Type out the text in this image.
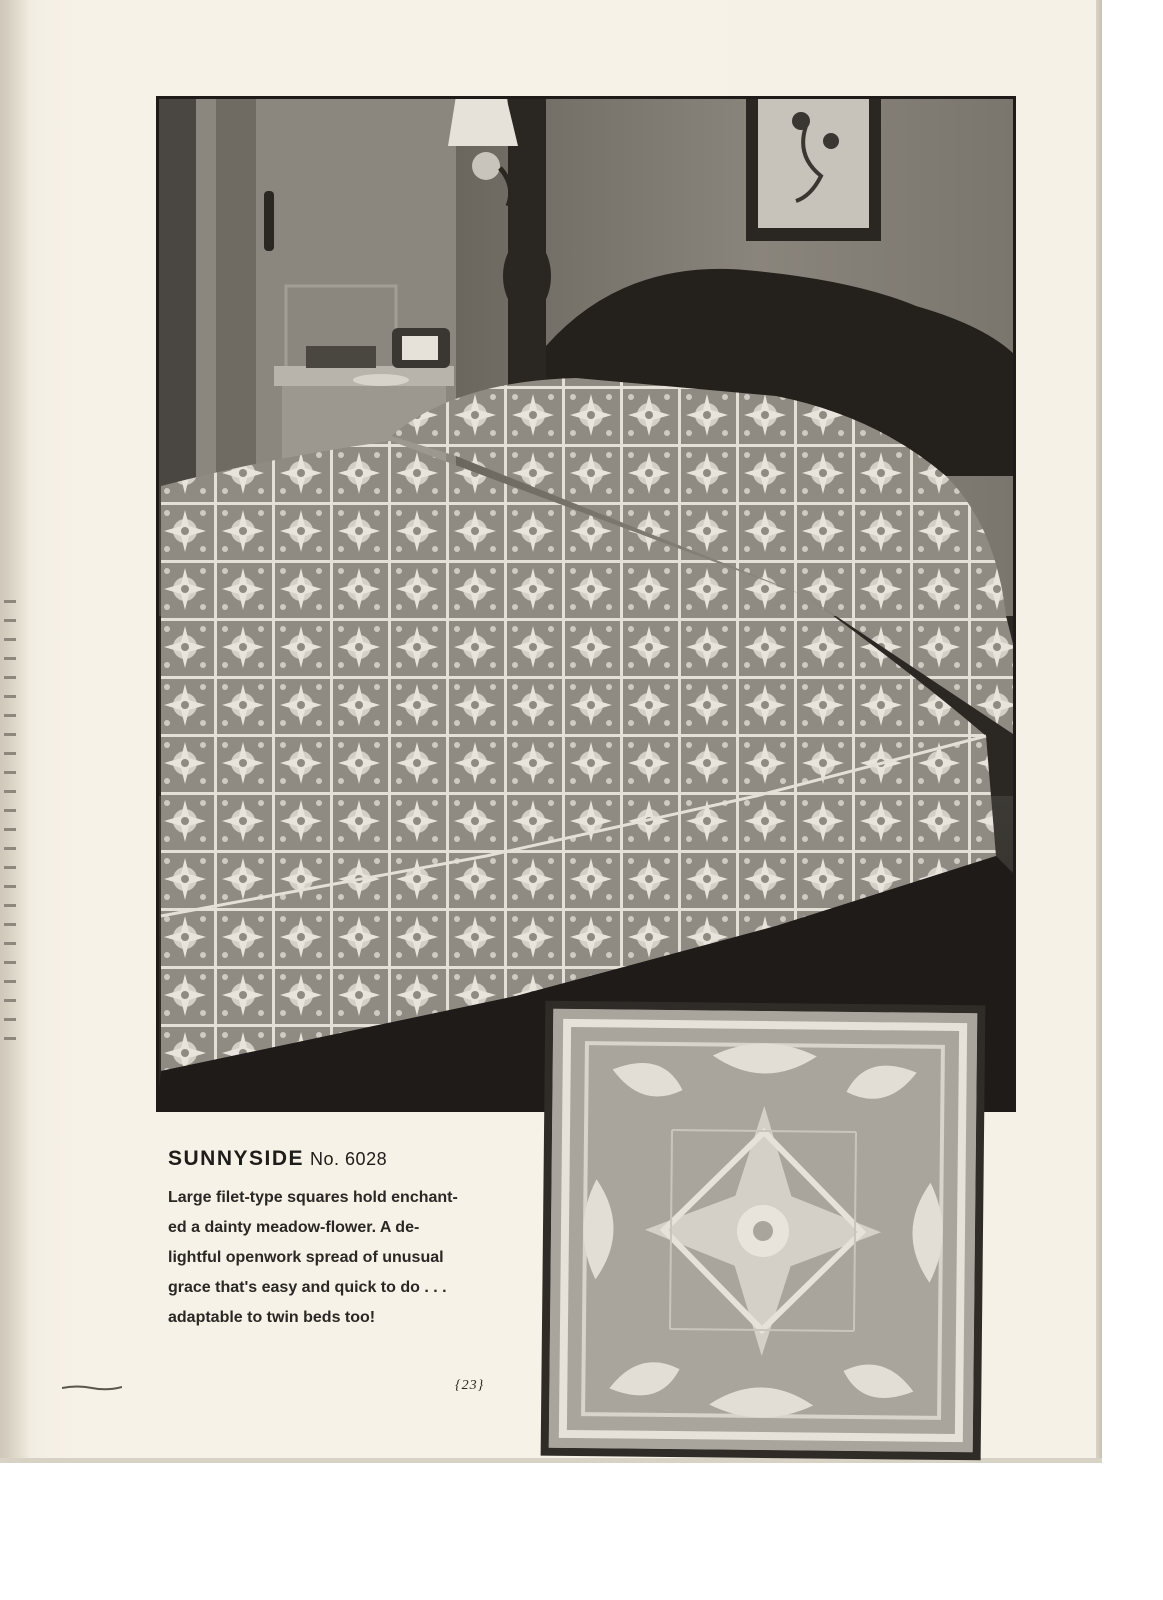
SUNNYSIDE No. 6028

Large filet-type squares hold enchant-
ed a dainty meadow-flower. A de-
lightful openwork spread of unusual
grace that's easy and quick to do . . .
adaptable to twin beds too!
{23}
